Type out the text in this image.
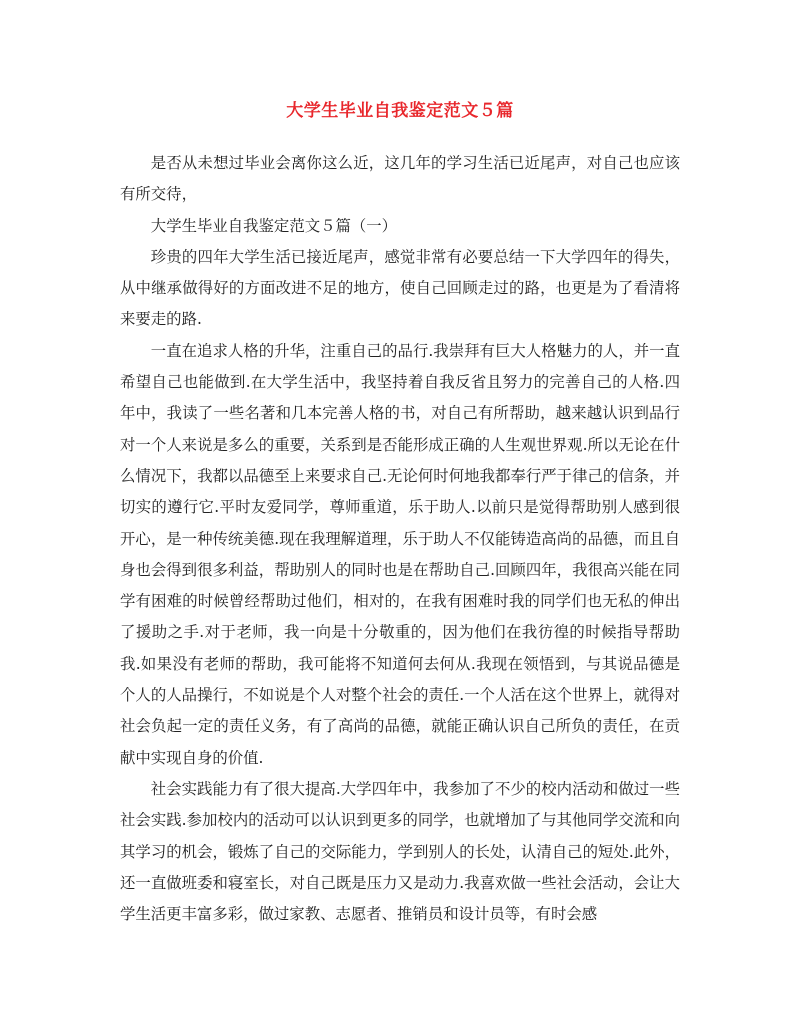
大学生毕业自我鉴定范文５篇

是否从未想过毕业会离你这么近，这几年的学习生活已近尾声，对自己也应该有所交待，

大学生毕业自我鉴定范文５篇（一）

珍贵的四年大学生活已接近尾声，感觉非常有必要总结一下大学四年的得失，从中继承做得好的方面改进不足的地方，使自己回顾走过的路，也更是为了看清将来要走的路.

一直在追求人格的升华，注重自己的品行.我崇拜有巨大人格魅力的人，并一直希望自己也能做到.在大学生活中，我坚持着自我反省且努力的完善自己的人格.四年中，我读了一些名著和几本完善人格的书，对自己有所帮助，越来越认识到品行对一个人来说是多么的重要，关系到是否能形成正确的人生观世界观.所以无论在什么情况下，我都以品德至上来要求自己.无论何时何地我都奉行严于律己的信条，并切实的遵行它.平时友爱同学，尊师重道，乐于助人.以前只是觉得帮助别人感到很开心，是一种传统美德.现在我理解道理，乐于助人不仅能铸造高尚的品德，而且自身也会得到很多利益，帮助别人的同时也是在帮助自己.回顾四年，我很高兴能在同学有困难的时候曾经帮助过他们，相对的，在我有困难时我的同学们也无私的伸出了援助之手.对于老师，我一向是十分敬重的，因为他们在我彷徨的时候指导帮助我.如果没有老师的帮助，我可能将不知道何去何从.我现在领悟到，与其说品德是个人的人品操行，不如说是个人对整个社会的责任.一个人活在这个世界上，就得对社会负起一定的责任义务，有了高尚的品德，就能正确认识自己所负的责任，在贡献中实现自身的价值.

社会实践能力有了很大提高.大学四年中，我参加了不少的校内活动和做过一些社会实践.参加校内的活动可以认识到更多的同学，也就增加了与其他同学交流和向其学习的机会，锻炼了自己的交际能力，学到别人的长处，认清自己的短处.此外，还一直做班委和寝室长，对自己既是压力又是动力.我喜欢做一些社会活动，会让大学生活更丰富多彩，做过家教、志愿者、推销员和设计员等，有时会感
